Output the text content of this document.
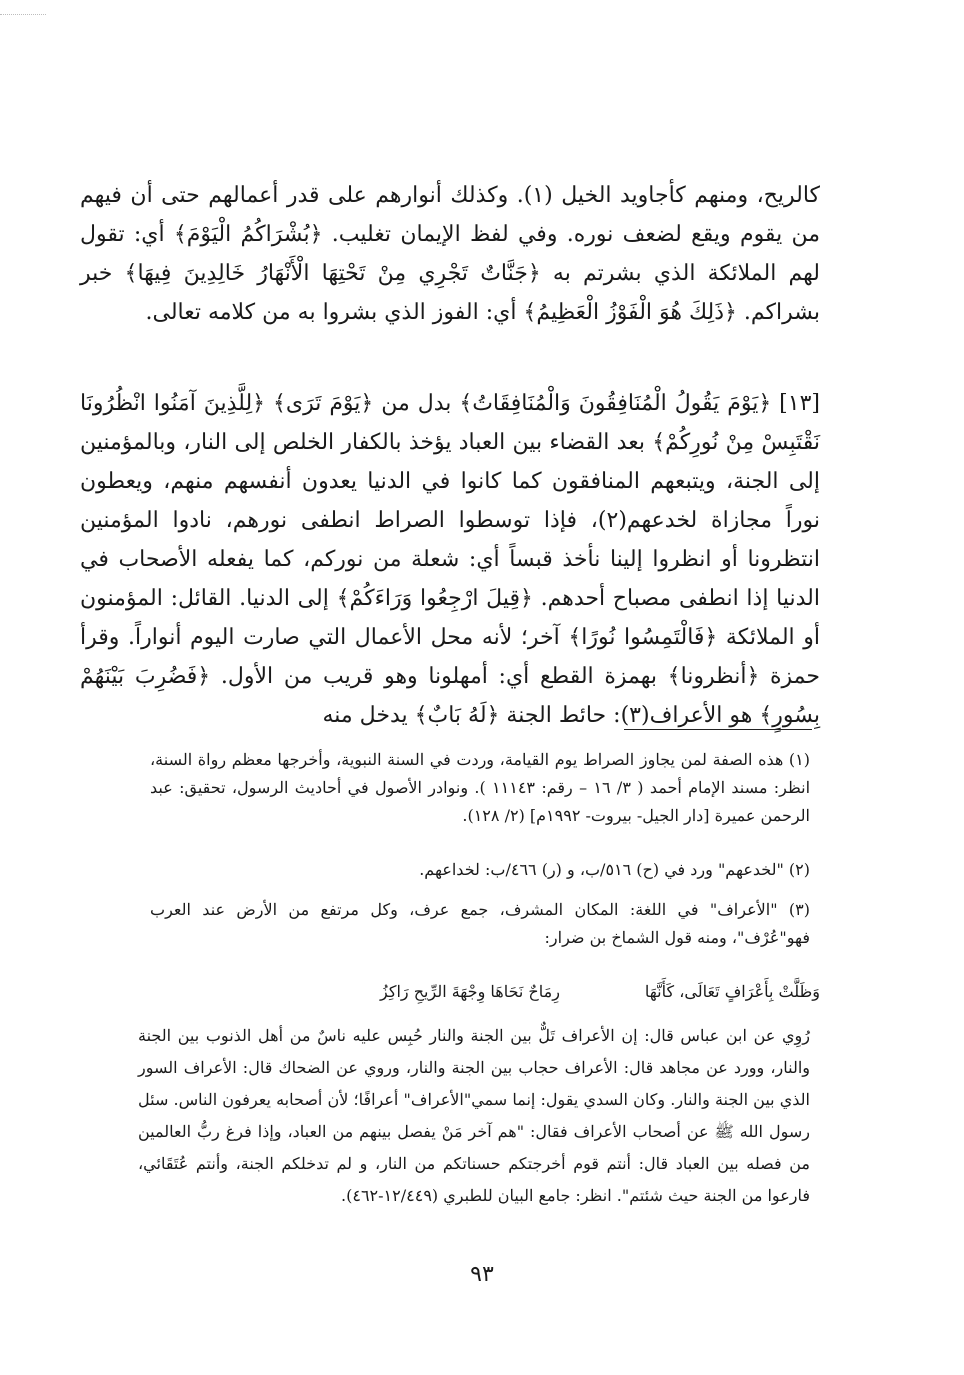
كالريح، ومنهم كأجاويد الخيل (١). وكذلك أنوارهم على قدر أعمالهم حتى أن فيهم من يقوم ويقع لضعف نوره. وفي لفظ الإيمان تغليب. ﴿بُشْرَاكُمُ الْيَوْمَ﴾ أي: تقول لهم الملائكة الذي بشرتم به ﴿جَنَّاتٌ تَجْرِي مِنْ تَحْتِهَا الْأَنْهَارُ خَالِدِينَ فِيهَا﴾ خبر بشراكم. ﴿ذَلِكَ هُوَ الْفَوْزُ الْعَظِيمُ﴾ أي: الفوز الذي بشروا به من كلامه تعالى.
[١٣] ﴿يَوْمَ يَقُولُ الْمُنَافِقُونَ وَالْمُنَافِقَاتُ﴾ بدل من ﴿يَوْمَ تَرَى﴾ ﴿لِلَّذِينَ آمَنُوا انْظُرُونَا نَقْتَبِسْ مِنْ نُورِكُمْ﴾ بعد القضاء بين العباد يؤخذ بالكفار الخلص إلى النار، وبالمؤمنين إلى الجنة، ويتبعهم المنافقون كما كانوا في الدنيا يعدون أنفسهم منهم، ويعطون نوراً مجازاة لخدعهم(٢)، فإذا توسطوا الصراط انطفى نورهم، نادوا المؤمنين انتظرونا أو انظروا إلينا نأخذ قبساً أي: شعلة من نوركم، كما يفعله الأصحاب في الدنيا إذا انطفى مصباح أحدهم. ﴿قِيلَ ارْجِعُوا وَرَاءَكُمْ﴾ إلى الدنيا. القائل: المؤمنون أو الملائكة ﴿فَالْتَمِسُوا نُورًا﴾ آخر؛ لأنه محل الأعمال التي صارت اليوم أنواراً. وقرأ حمزة ﴿أنظرونا﴾ بهمزة القطع أي: أمهلونا وهو قريب من الأول. ﴿فَضُرِبَ بَيْنَهُمْ بِسُورٍ﴾ هو الأعراف(٣): حائط الجنة ﴿لَهُ بَابٌ﴾ يدخل منه
(١) هذه الصفة لمن يجاوز الصراط يوم القيامة، وردت في السنة النبوية، وأخرجها معظم رواة السنة، انظر: مسند الإمام أحمد ( ٣/ ١٦ – رقم: ١١١٤٣ ). ونوادر الأصول في أحاديث الرسول، تحقيق: عبد الرحمن عميرة [دار الجيل- بيروت- ١٩٩٢م] (٢/ ١٢٨).
(٢) "لخدعهم" ورد في (ح) ٥١٦/ب، و (ر) ٤٦٦/ب: لخداعهم.
(٣) "الأعراف" في اللغة: المكان المشرف، جمع عرف، وكل مرتفع من الأرض عند العرب فهو"عُرْف"، ومنه قول الشماخ بن ضرار:
وَظَلَّتْ بِأَعْرَافٍ تَعَالَى، كَأَنَّهَا
رِمَاحٌ نَحَاهَا وِجْهَةَ الرِّيحِ رَاكِزُ
رُوِي عن ابن عباس قال: إن الأعراف تَلٌّ بين الجنة والنار حُبِس عليه ناسٌ من أهل الذنوب بين الجنة والنار، وورد عن مجاهد قال: الأعراف حجاب بين الجنة والنار، وروي عن الضحاك قال: الأعراف السور الذي بين الجنة والنار. وكان السدي يقول: إنما سمي"الأعراف" أعرافًا؛ لأن أصحابه يعرفون الناس. سئل رسول الله ﷺ عن أصحاب الأعراف فقال: "هم آخر مَنْ يفصل بينهم من العباد، وإذا فرغ ربُّ العالمين من فصله بين العباد قال: أنتم قوم أخرجتكم حسناتكم من النار، و لم تدخلكم الجنة، وأنتم عُتَقَائي، فارعوا من الجنة حيث شئتم". انظر: جامع البيان للطبري (١٢/٤٤٩-٤٦٢).
٩٣
